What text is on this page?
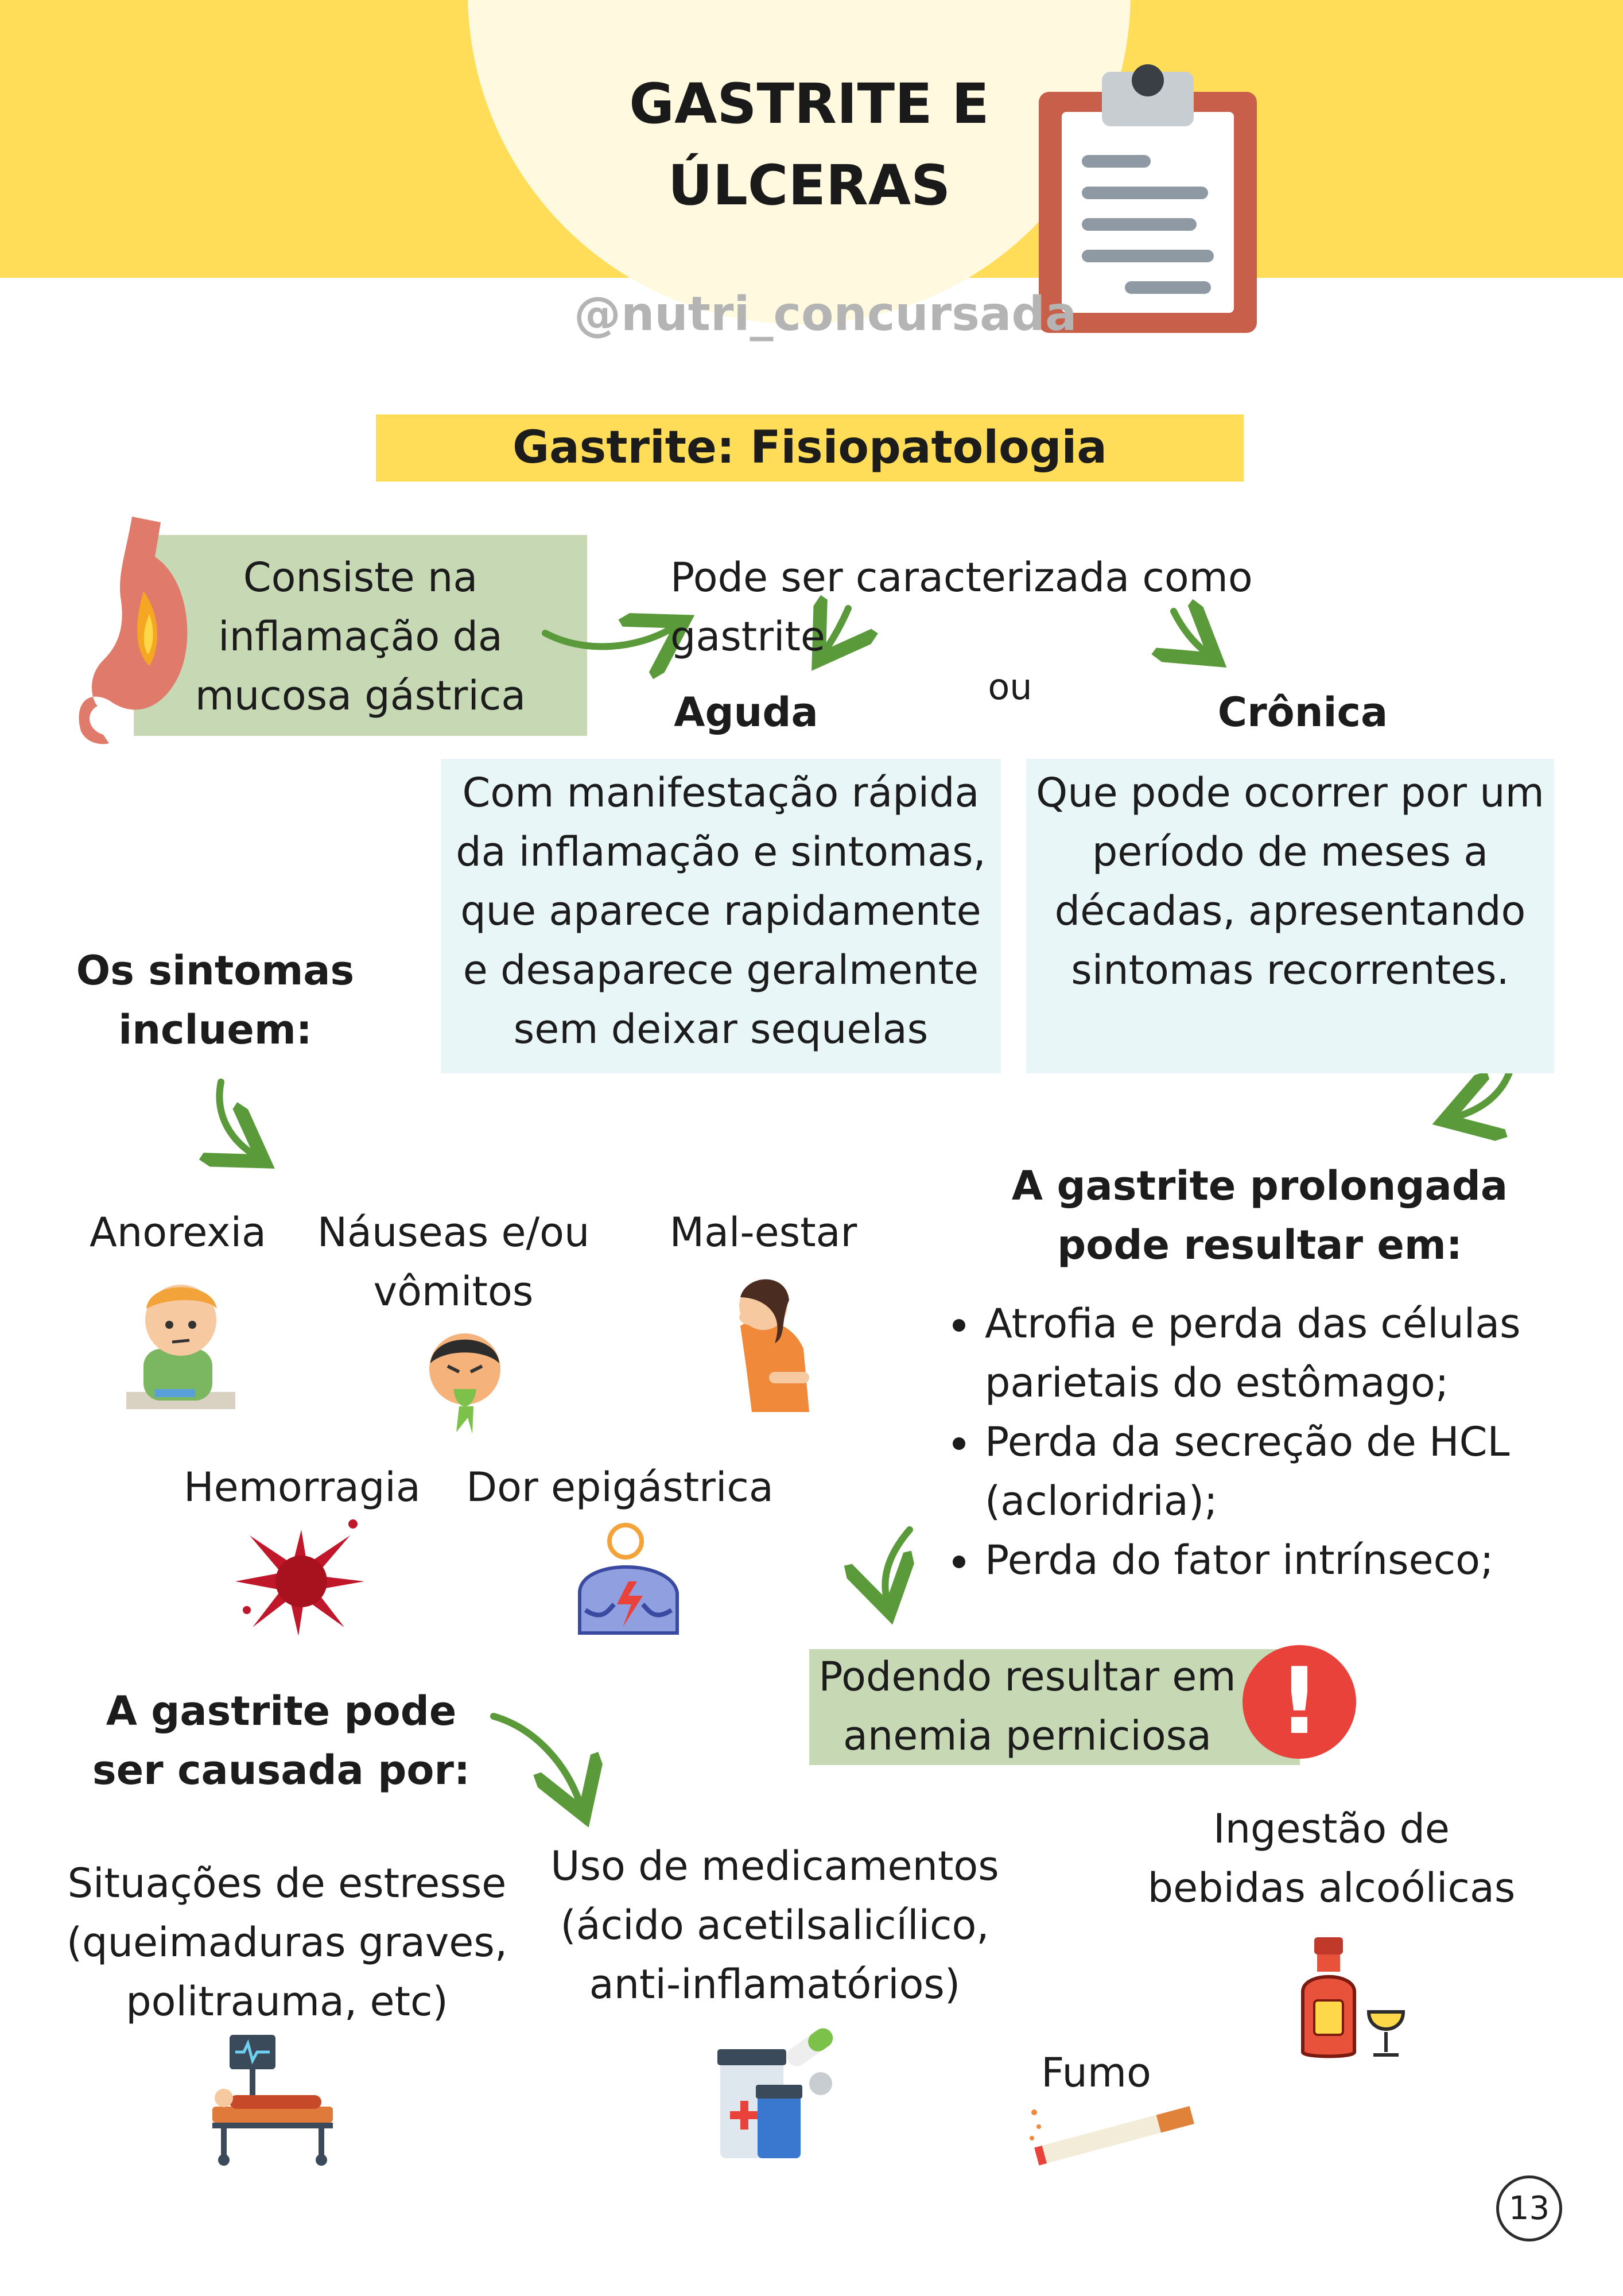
GASTRITE E
ÚLCERAS
@nutri_concursada
Gastrite: Fisiopatologia
Consiste na
inflamação da
mucosa gástrica
Pode ser caracterizada como gastrite
Aguda
ou
Crônica
Com manifestação rápida
da inflamação e sintomas,
que aparece rapidamente
e desaparece geralmente
sem deixar sequelas
Que pode ocorrer por um
período de meses a
décadas, apresentando
sintomas recorrentes.
Os sintomas
incluem:
Anorexia	Náuseas e/ou
vômitos
Mal-estar
Hemorragia Dor epigástrica
A gastrite prolongada
pode resultar em:
• Atrofia e perda das células
parietais do estômago;
• Perda da secreção de HCL
(acloridria);
• Perda do fator intrínseco;
Podendo resultar em
anemia perniciosa !
A gastrite pode
ser causada por:
Situações de estresse
(queimaduras graves,
politrauma, etc)
Uso de medicamentos
(ácido acetilsalicílico,
anti-inflamatórios)
Ingestão de
bebidas alcoólicas
Fumo
13
